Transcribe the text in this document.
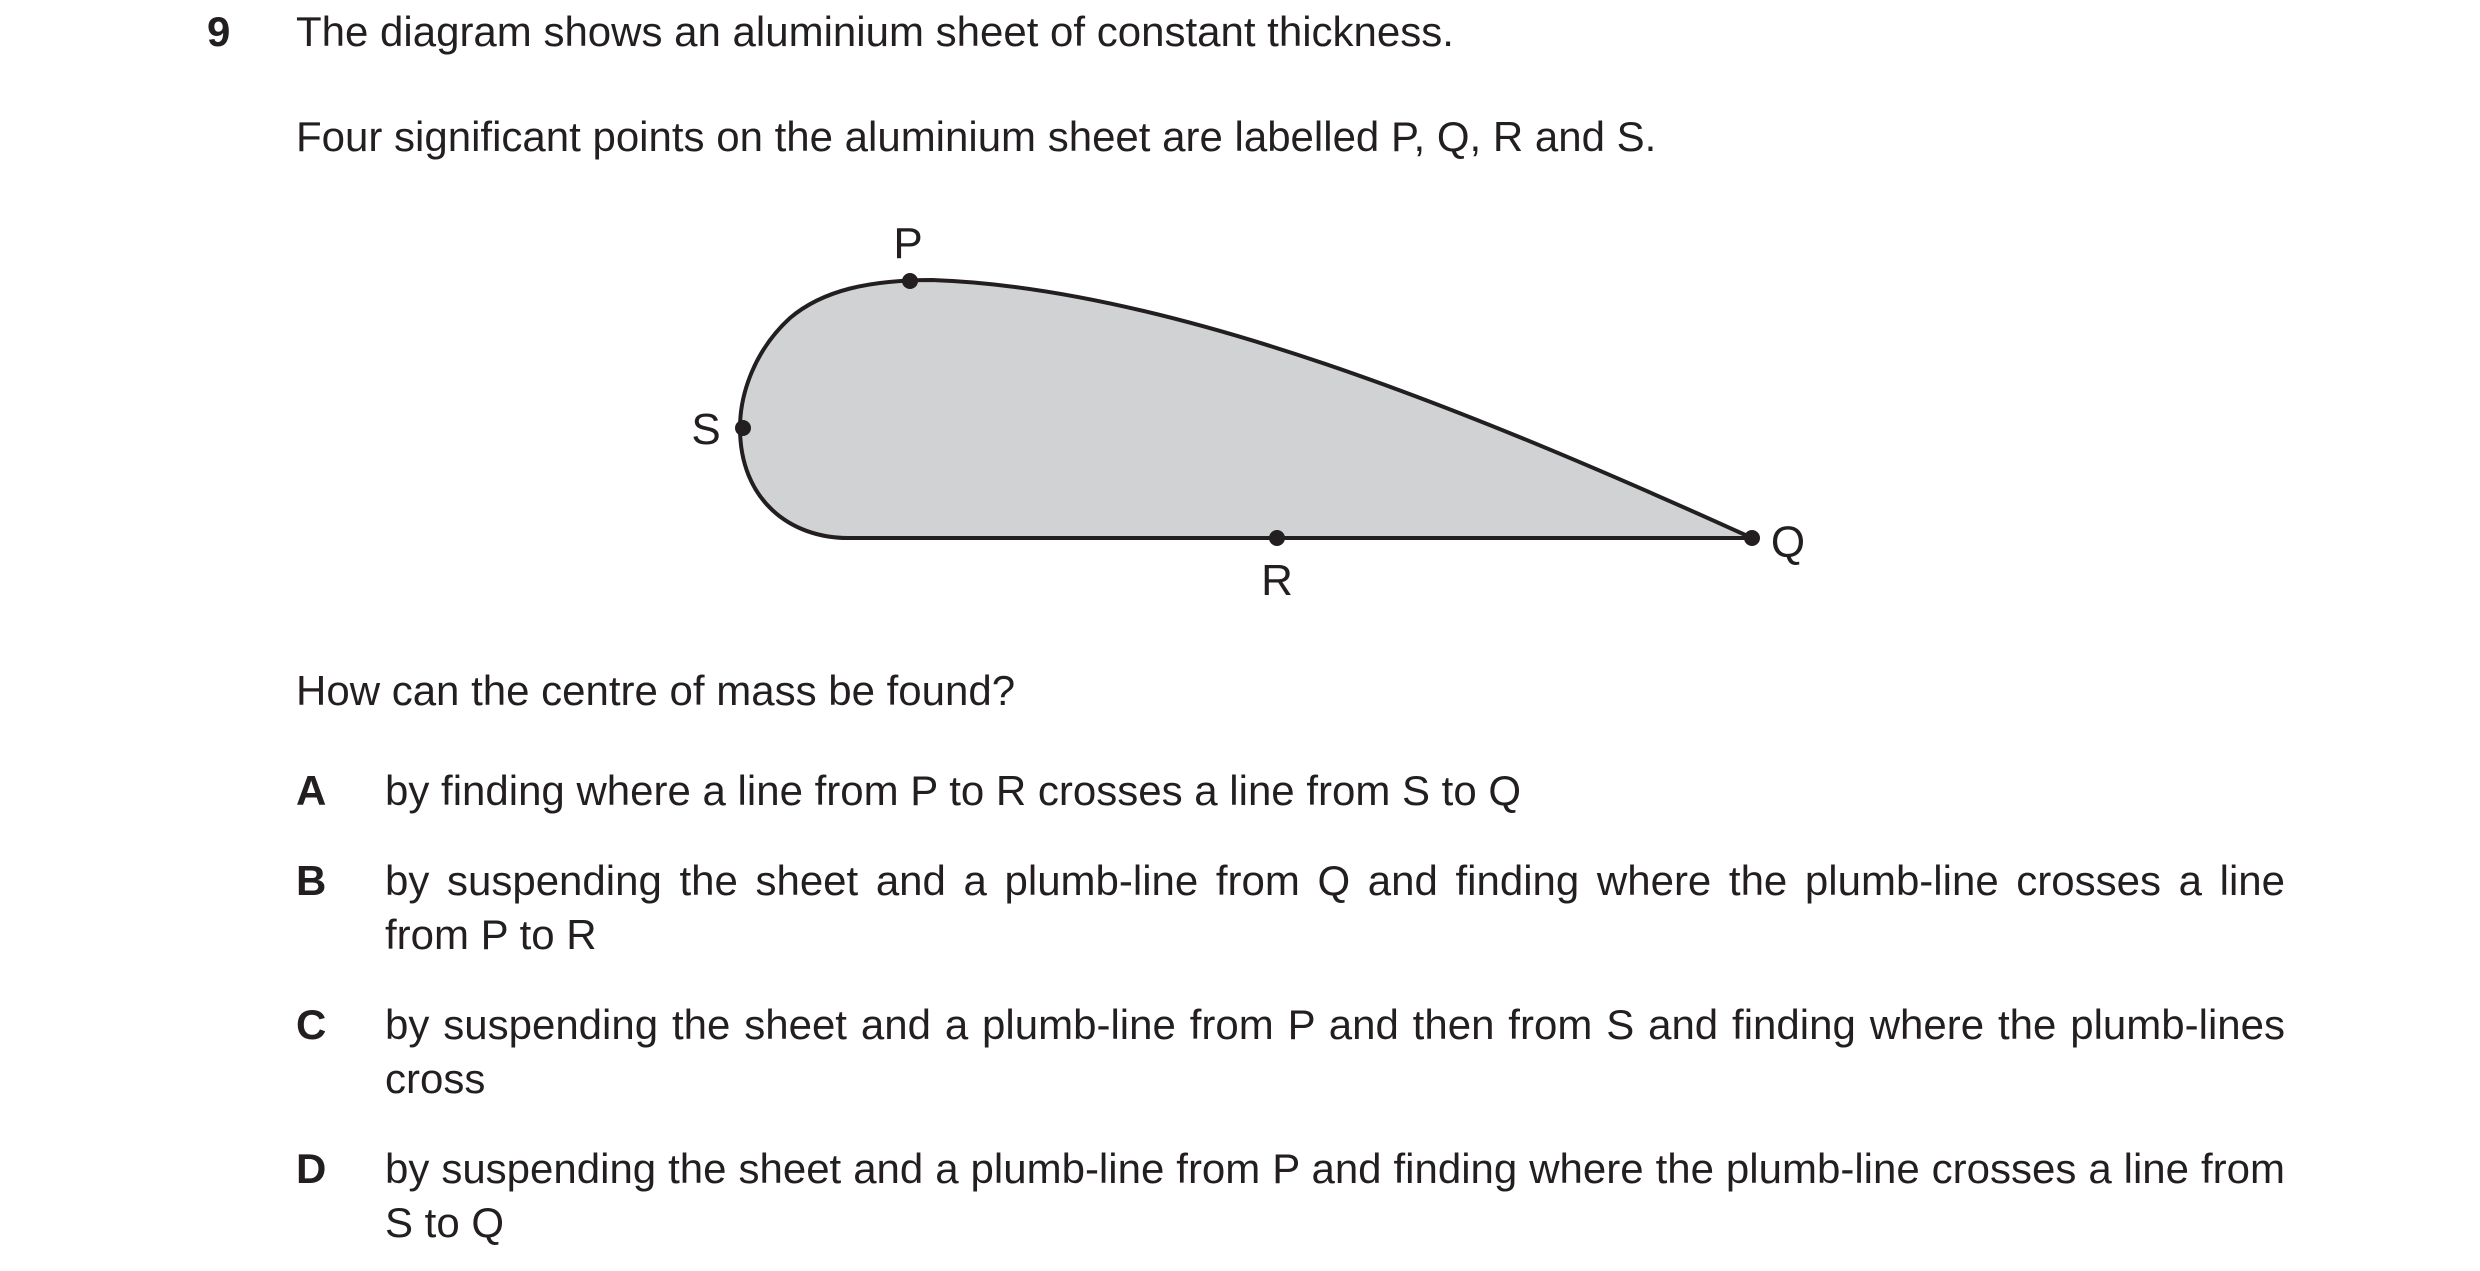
9 The diagram shows an aluminium sheet of constant thickness.
Four significant points on the aluminium sheet are labelled P, Q, R and S.
P
S
R
Q
How can the centre of mass be found?
A by finding where a line from P to R crosses a line from S to Q
B by suspending the sheet and a plumb-line from Q and finding where the plumb-line crosses a line from P to R
C by suspending the sheet and a plumb-line from P and then from S and finding where the plumb-lines cross
D by suspending the sheet and a plumb-line from P and finding where the plumb-line crosses a line from S to Q
